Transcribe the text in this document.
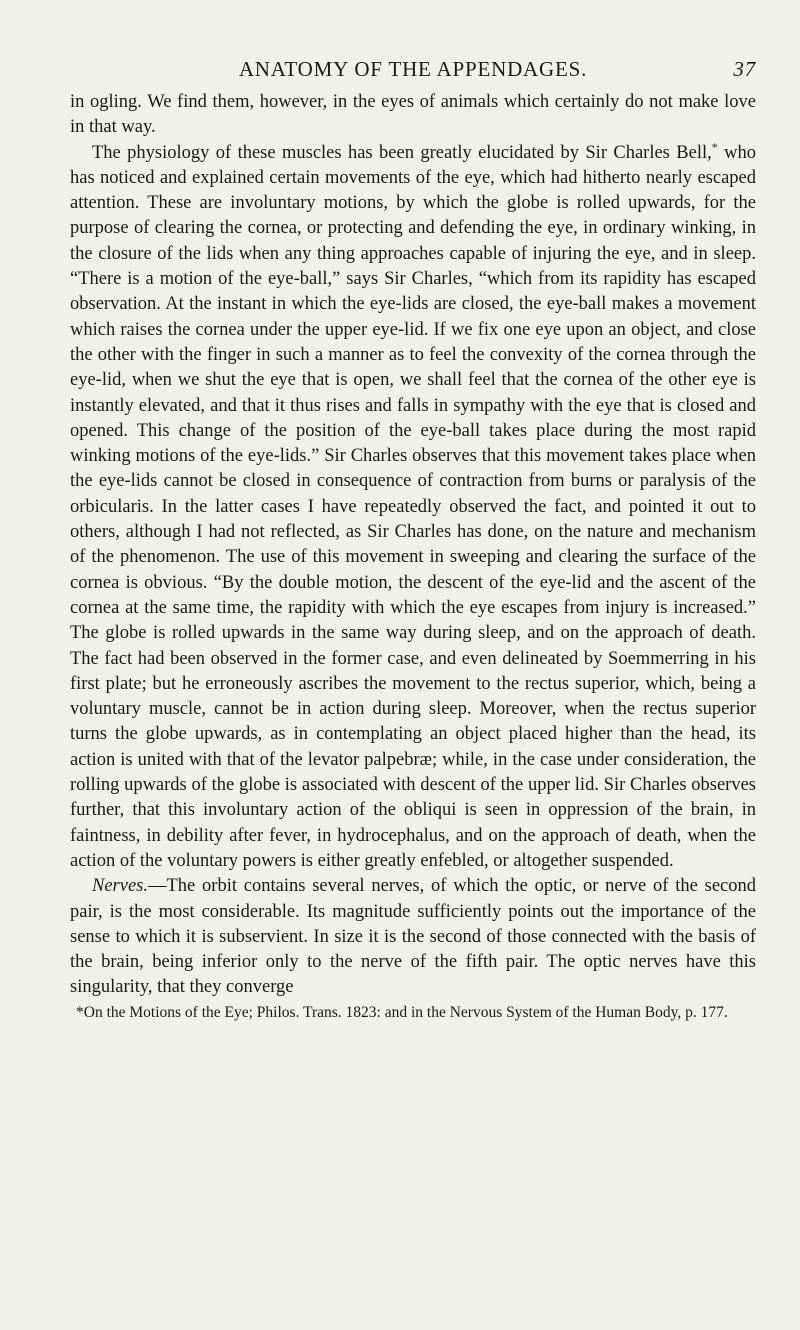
ANATOMY OF THE APPENDAGES.	37

in ogling. We find them, however, in the eyes of animals which certainly do not make love in that way.

The physiology of these muscles has been greatly elucidated by Sir Charles Bell,* who has noticed and explained certain movements of the eye, which had hitherto nearly escaped attention. These are involuntary motions, by which the globe is rolled upwards, for the purpose of clearing the cornea, or protecting and defending the eye, in ordinary winking, in the closure of the lids when any thing approaches capable of injuring the eye, and in sleep. “There is a motion of the eye-ball,” says Sir Charles, “which from its rapidity has escaped observation. At the instant in which the eye-lids are closed, the eye-ball makes a movement which raises the cornea under the upper eye-lid. If we fix one eye upon an object, and close the other with the finger in such a manner as to feel the convexity of the cornea through the eye-lid, when we shut the eye that is open, we shall feel that the cornea of the other eye is instantly elevated, and that it thus rises and falls in sympathy with the eye that is closed and opened. This change of the position of the eye-ball takes place during the most rapid winking motions of the eye-lids.” Sir Charles observes that this movement takes place when the eye-lids cannot be closed in consequence of contraction from burns or paralysis of the orbicularis. In the latter cases I have repeatedly observed the fact, and pointed it out to others, although I had not reflected, as Sir Charles has done, on the nature and mechanism of the phenomenon. The use of this movement in sweeping and clearing the surface of the cornea is obvious. “By the double motion, the descent of the eye-lid and the ascent of the cornea at the same time, the rapidity with which the eye escapes from injury is increased.” The globe is rolled upwards in the same way during sleep, and on the approach of death. The fact had been observed in the former case, and even delineated by Soemmerring in his first plate; but he erroneously ascribes the movement to the rectus superior, which, being a voluntary muscle, cannot be in action during sleep. Moreover, when the rectus superior turns the globe upwards, as in contemplating an object placed higher than the head, its action is united with that of the levator palpebræ; while, in the case under consideration, the rolling upwards of the globe is associated with descent of the upper lid. Sir Charles observes further, that this involuntary action of the obliqui is seen in oppression of the brain, in faintness, in debility after fever, in hydrocephalus, and on the approach of death, when the action of the voluntary powers is either greatly enfebled, or altogether suspended.

Nerves.—The orbit contains several nerves, of which the optic, or nerve of the second pair, is the most considerable. Its magnitude sufficiently points out the importance of the sense to which it is subservient. In size it is the second of those connected with the basis of the brain, being inferior only to the nerve of the fifth pair. The optic nerves have this singularity, that they converge

*On the Motions of the Eye; Philos. Trans. 1823: and in the Nervous System of the Human Body, p. 177.
